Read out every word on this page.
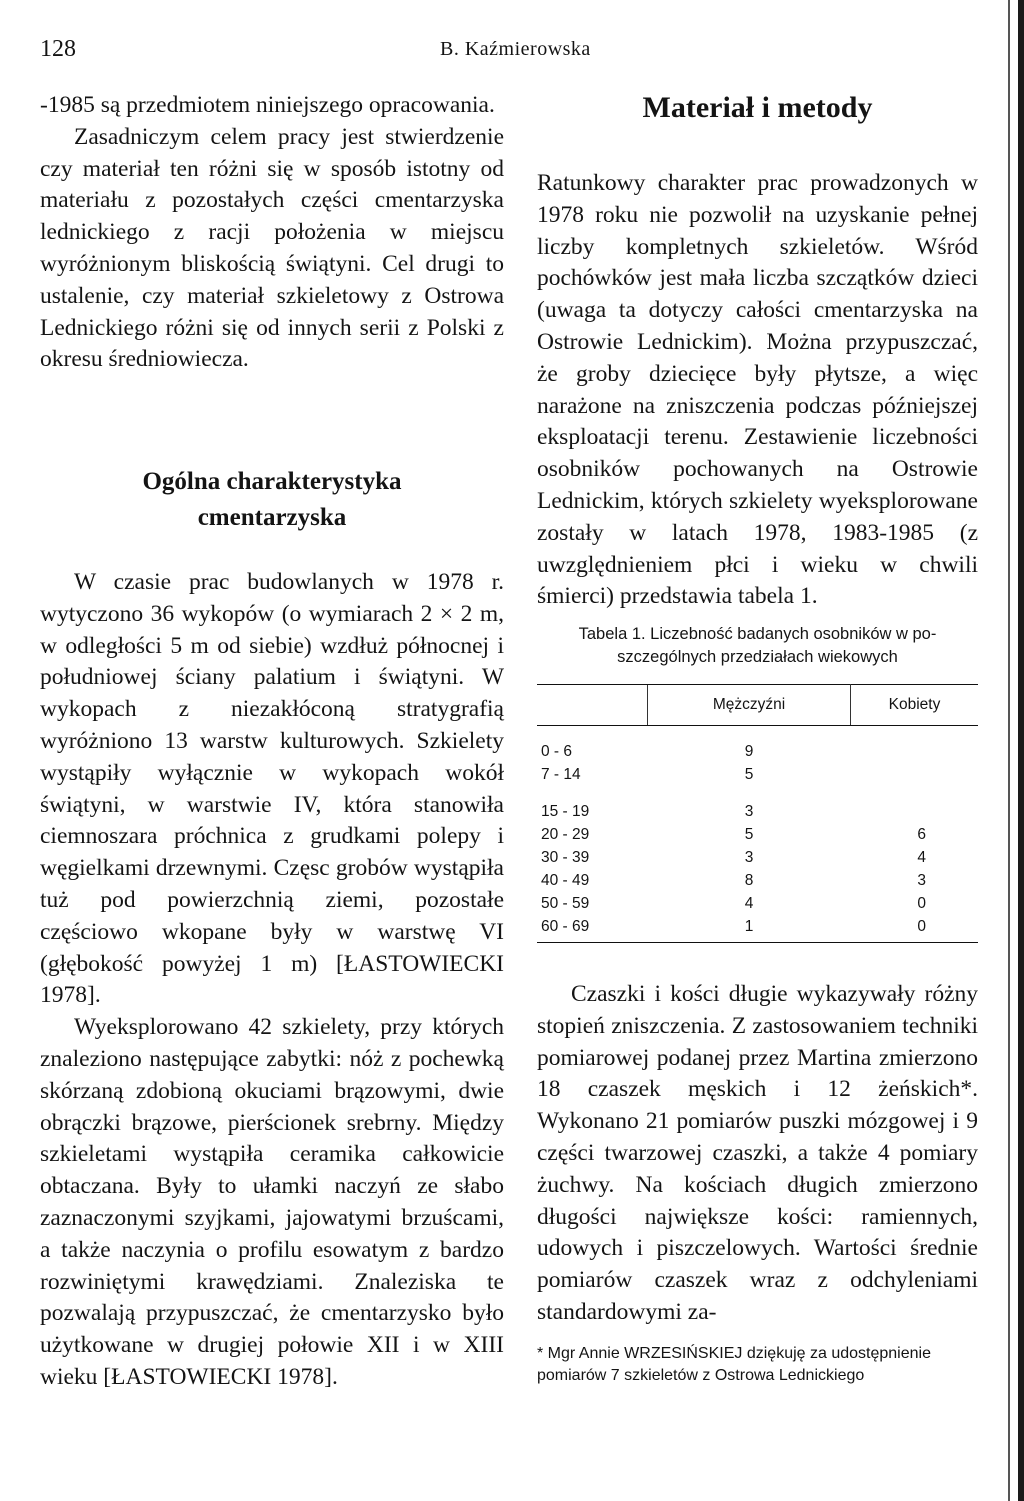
128	B. Kaźmierowska

-1985 są przedmiotem niniejszego opracowania.

Zasadniczym celem pracy jest stwierdzenie czy materiał ten różni się w sposób istotny od materiału z pozostałych części cmentarzyska lednickiego z racji położenia w miejscu wyróżnionym bliskością świątyni. Cel drugi to ustalenie, czy materiał szkieletowy z Ostrowa Lednickiego różni się od innych serii z Polski z okresu średniowiecza.

Ogólna charakterystyka
cmentarzyska

W czasie prac budowlanych w 1978 r. wytyczono 36 wykopów (o wymiarach 2 × 2 m, w odległości 5 m od siebie) wzdłuż północnej i południowej ściany palatium i świątyni. W wykopach z niezakłóconą stratygrafią wyróżniono 13 warstw kulturowych. Szkielety wystąpiły wyłącznie w wykopach wokół świątyni, w warstwie IV, która stanowiła ciemnoszara próchnica z grudkami polepy i węgielkami drzewnymi. Częsc grobów wystąpiła tuż pod powierzchnią ziemi, pozostałe częściowo wkopane były w warstwę VI (głębokość powyżej 1 m) [ŁASTOWIECKI 1978].

Wyeksplorowano 42 szkielety, przy których znaleziono następujące zabytki: nóż z pochewką skórzaną zdobioną okuciami brązowymi, dwie obrączki brązowe, pierścionek srebrny. Między szkieletami wystąpiła ceramika całkowicie obtaczana. Były to ułamki naczyń ze słabo zaznaczonymi szyjkami, jajowatymi brzuścami, a także naczynia o profilu esowatym z bardzo rozwiniętymi krawędziami. Znaleziska te pozwalają przypuszczać, że cmentarzysko było użytkowane w drugiej połowie XII i w XIII wieku [ŁASTOWIECKI 1978].

Materiał i metody

Ratunkowy charakter prac prowadzonych w 1978 roku nie pozwolił na uzyskanie pełnej liczby kompletnych szkieletów. Wśród pochówków jest mała liczba szczątków dzieci (uwaga ta dotyczy całości cmentarzyska na Ostrowie Lednickim). Można przypuszczać, że groby dziecięce były płytsze, a więc narażone na zniszczenia podczas późniejszej eksploatacji terenu. Zestawienie liczebności osobników pochowanych na Ostrowie Lednickim, których szkielety wyeksplorowane zostały w latach 1978, 1983-1985 (z uwzględnieniem płci i wieku w chwili śmierci) przedstawia tabela 1.

Tabela 1. Liczebność badanych osobników w po-
szczególnych przedziałach wiekowych
	Mężczyźni	Kobiety

0 - 6	9	
7 - 14	5	

15 - 19	3	
20 - 29	5	6
30 - 39	3	4
40 - 49	8	3
50 - 59	4	0
60 - 69	1	0

Czaszki i kości długie wykazywały różny stopień zniszczenia. Z zastosowaniem techniki pomiarowej podanej przez Martina zmierzono 18 czaszek męskich i 12 żeńskich*. Wykonano 21 pomiarów puszki mózgowej i 9 części twarzowej czaszki, a także 4 pomiary żuchwy. Na kościach długich zmierzono długości największe kości: ramiennych, udowych i piszczelowych. Wartości średnie pomiarów czaszek wraz z odchyleniami standardowymi za-

* Mgr Annie WRZESIŃSKIEJ dziękuję za udostępnienie pomiarów 7 szkieletów z Ostrowa Lednickiego
